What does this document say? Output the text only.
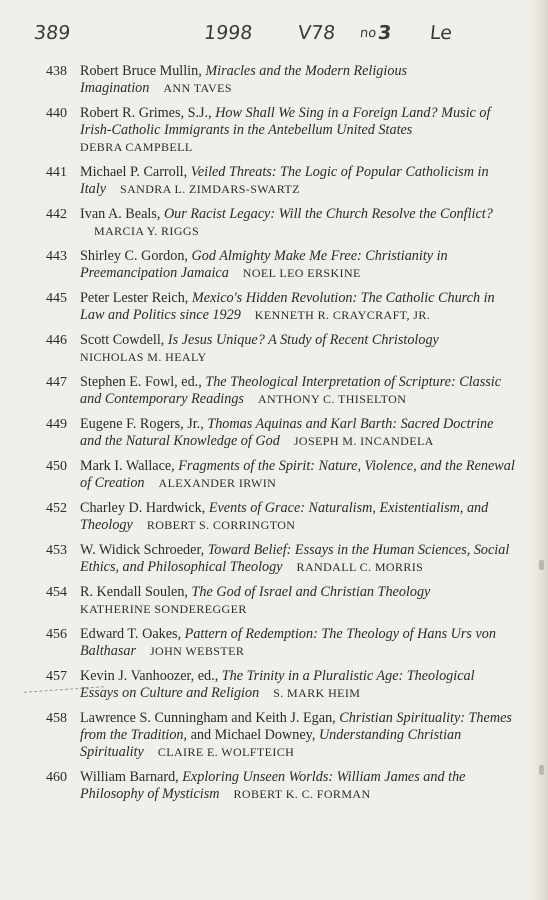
389	1998 V78 no 3 Le
438 Robert Bruce Mullin, Miracles and the Modern Religious Imagination ANN TAVES
440 Robert R. Grimes, S.J., How Shall We Sing in a Foreign Land? Music of Irish-Catholic Immigrants in the Antebellum United States
DEBRA CAMPBELL
441 Michael P. Carroll, Veiled Threats: The Logic of Popular Catholicism in Italy SANDRA L. ZIMDARS-SWARTZ
442 Ivan A. Beals, Our Racist Legacy: Will the Church Resolve the Conflict?MARCIA Y. RIGGS
443 Shirley C. Gordon, God Almighty Make Me Free: Christianity in Preemancipation Jamaica NOEL LEO ERSKINE
445 Peter Lester Reich, Mexico's Hidden Revolution: The Catholic Church in Law and Politics since 1929 KENNETH R. CRAYCRAFT, JR.
446 Scott Cowdell, Is Jesus Unique? A Study of Recent Christology
NICHOLAS M. HEALY
447 Stephen E. Fowl, ed., The Theological Interpretation of Scripture: Classic and Contemporary Readings ANTHONY C. THISELTON
449 Eugene F. Rogers, Jr., Thomas Aquinas and Karl Barth: Sacred Doctrine and the Natural Knowledge of God JOSEPH M. INCANDELA
450 Mark I. Wallace, Fragments of the Spirit: Nature, Violence, and the Renewal of Creation ALEXANDER IRWIN
452 Charley D. Hardwick, Events of Grace: Naturalism, Existentialism, and Theology ROBERT S. CORRINGTON
453 W. Widick Schroeder, Toward Belief: Essays in the Human Sciences, Social Ethics, and Philosophical Theology RANDALL C. MORRIS
454 R. Kendall Soulen, The God of Israel and Christian Theology
KATHERINE SONDEREGGER
456 Edward T. Oakes, Pattern of Redemption: The Theology of Hans Urs von Balthasar JOHN WEBSTER
457 Kevin J. Vanhoozer, ed., The Trinity in a Pluralistic Age: Theological Essays on Culture and Religion S. MARK HEIM
458 Lawrence S. Cunningham and Keith J. Egan, Christian Spirituality: Themes from the Tradition, and Michael Downey, Understanding Christian Spirituality CLAIRE E. WOLFTEICH
460 William Barnard, Exploring Unseen Worlds: William James and the Philosophy of Mysticism ROBERT K. C. FORMAN
